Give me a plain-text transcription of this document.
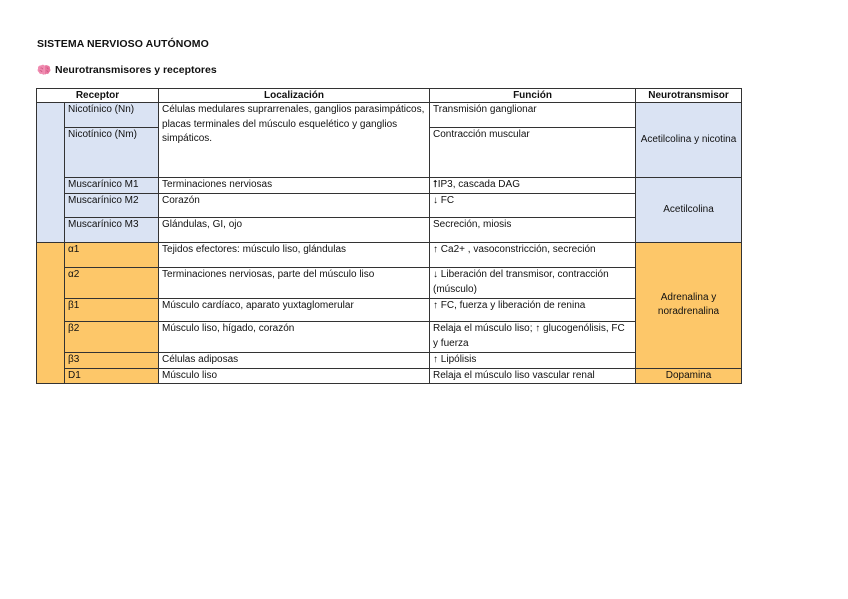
SISTEMA NERVIOSO AUTÓNOMO
Neurotransmisores y receptores
Receptor		Localización	Función	Neurotransmisor
	Nicotínico (Nn)	Células medulares suprarrenales, ganglios parasimpáticos, placas terminales del músculo esquelético y ganglios simpáticos.	Transmisión ganglionar	Acetilcolina y nicotina
	Nicotínico (Nm)		Contracción muscular	
	Muscarínico M1	Terminaciones nerviosas	⭡IP3, cascada DAG	Acetilcolina
	Muscarínico M2	Corazón	↓ FC	
	Muscarínico M3	Glándulas, GI, ojo	Secreción, miosis	
	α1	Tejidos efectores: músculo liso, glándulas	↑ Ca2+ , vasoconstricción, secreción	Adrenalina y noradrenalina
	α2	Terminaciones nerviosas, parte del músculo liso	↓ Liberación del transmisor, contracción (músculo)	
	β1	Músculo cardíaco, aparato yuxtaglomerular	↑ FC, fuerza y liberación de renina	
	β2	Músculo liso, hígado, corazón	Relaja el músculo liso; ↑ glucogenólisis, FC y fuerza	
	β3	Células adiposas	↑ Lipólisis	
	D1	Músculo liso	Relaja el músculo liso vascular renal	Dopamina
